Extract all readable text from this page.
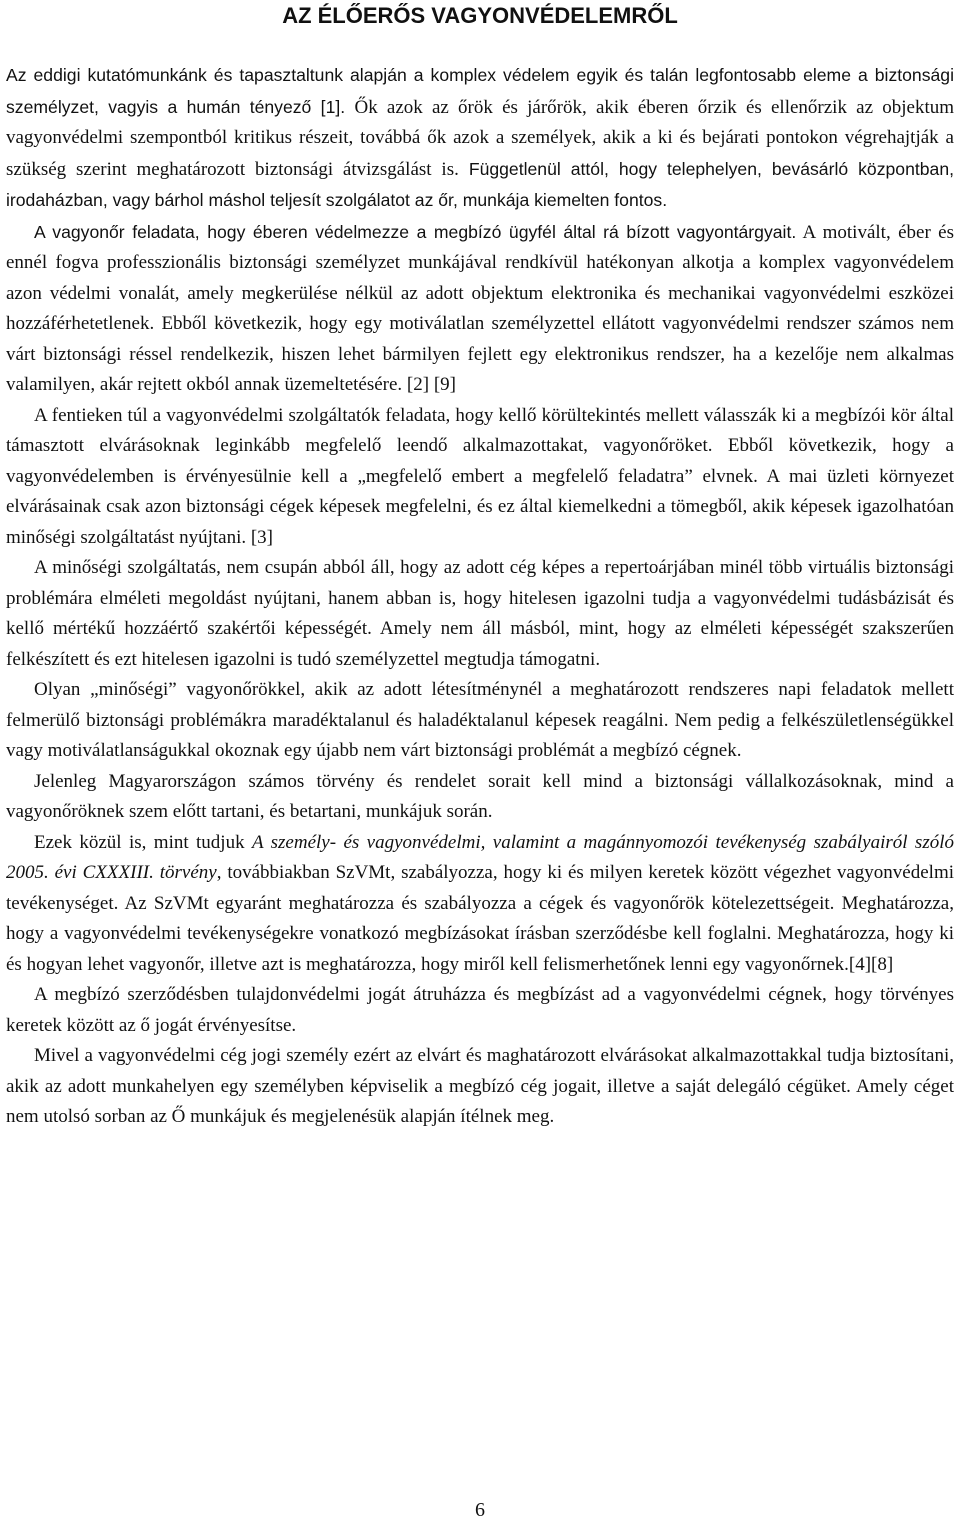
AZ ÉLŐERŐS VAGYONVÉDELEMRŐL

Az eddigi kutatómunkánk és tapasztaltunk alapján a komplex védelem egyik és talán legfontosabb eleme a biztonsági személyzet, vagyis a humán tényező [1]. Ők azok az őrök és járőrök, akik éberen őrzik és ellenőrzik az objektum vagyonvédelmi szempontból kritikus részeit, továbbá ők azok a személyek, akik a ki és bejárati pontokon végrehajtják a szükség szerint meghatározott biztonsági átvizsgálást is. Függetlenül attól, hogy telephelyen, bevásárló központban, irodaházban, vagy bárhol máshol teljesít szolgálatot az őr, munkája kiemelten fontos.

A vagyonőr feladata, hogy éberen védelmezze a megbízó ügyfél által rá bízott vagyontárgyait. A motivált, éber és ennél fogva professzionális biztonsági személyzet munkájával rendkívül hatékonyan alkotja a komplex vagyonvédelem azon védelmi vonalát, amely megkerülése nélkül az adott objektum elektronika és mechanikai vagyonvédelmi eszközei hozzáférhetetlenek. Ebből következik, hogy egy motiválatlan személyzettel ellátott vagyonvédelmi rendszer számos nem várt biztonsági réssel rendelkezik, hiszen lehet bármilyen fejlett egy elektronikus rendszer, ha a kezelője nem alkalmas valamilyen, akár rejtett okból annak üzemeltetésére. [2] [9]

A fentieken túl a vagyonvédelmi szolgáltatók feladata, hogy kellő körültekintés mellett válasszák ki a megbízói kör által támasztott elvárásoknak leginkább megfelelő leendő alkalmazottakat, vagyonőröket. Ebből következik, hogy a vagyonvédelemben is érvényesülnie kell a „megfelelő embert a megfelelő feladatra” elvnek. A mai üzleti környezet elvárásainak csak azon biztonsági cégek képesek megfelelni, és ez által kiemelkedni a tömegből, akik képesek igazolhatóan minőségi szolgáltatást nyújtani. [3]

A minőségi szolgáltatás, nem csupán abból áll, hogy az adott cég képes a repertoárjában minél több virtuális biztonsági problémára elméleti megoldást nyújtani, hanem abban is, hogy hitelesen igazolni tudja a vagyonvédelmi tudásbázisát és kellő mértékű hozzáértő szakértői képességét. Amely nem áll másból, mint, hogy az elméleti képességét szakszerűen felkészített és ezt hitelesen igazolni is tudó személyzettel megtudja támogatni.

Olyan „minőségi” vagyonőrökkel, akik az adott létesítménynél a meghatározott rendszeres napi feladatok mellett felmerülő biztonsági problémákra maradéktalanul és haladéktalanul képesek reagálni. Nem pedig a felkészületlenségükkel vagy motiválatlanságukkal okoznak egy újabb nem várt biztonsági problémát a megbízó cégnek.

Jelenleg Magyarországon számos törvény és rendelet sorait kell mind a biztonsági vállalkozásoknak, mind a vagyonőröknek szem előtt tartani, és betartani, munkájuk során.

Ezek közül is, mint tudjuk A személy- és vagyonvédelmi, valamint a magánnyomozói tevékenység szabályairól szóló 2005. évi CXXXIII. törvény, továbbiakban SzVMt, szabályozza, hogy ki és milyen keretek között végezhet vagyonvédelmi tevékenységet. Az SzVMt egyaránt meghatározza és szabályozza a cégek és vagyonőrök kötelezettségeit. Meghatározza, hogy a vagyonvédelmi tevékenységekre vonatkozó megbízásokat írásban szerződésbe kell foglalni. Meghatározza, hogy ki és hogyan lehet vagyonőr, illetve azt is meghatározza, hogy miről kell felismerhetőnek lenni egy vagyonőrnek.[4][8]

A megbízó szerződésben tulajdonvédelmi jogát átruházza és megbízást ad a vagyonvédelmi cégnek, hogy törvényes keretek között az ő jogát érvényesítse.

Mivel a vagyonvédelmi cég jogi személy ezért az elvárt és maghatározott elvárásokat alkalmazottakkal tudja biztosítani, akik az adott munkahelyen egy személyben képviselik a megbízó cég jogait, illetve a saját delegáló cégüket. Amely céget nem utolsó sorban az Ő munkájuk és megjelenésük alapján ítélnek meg.

6
